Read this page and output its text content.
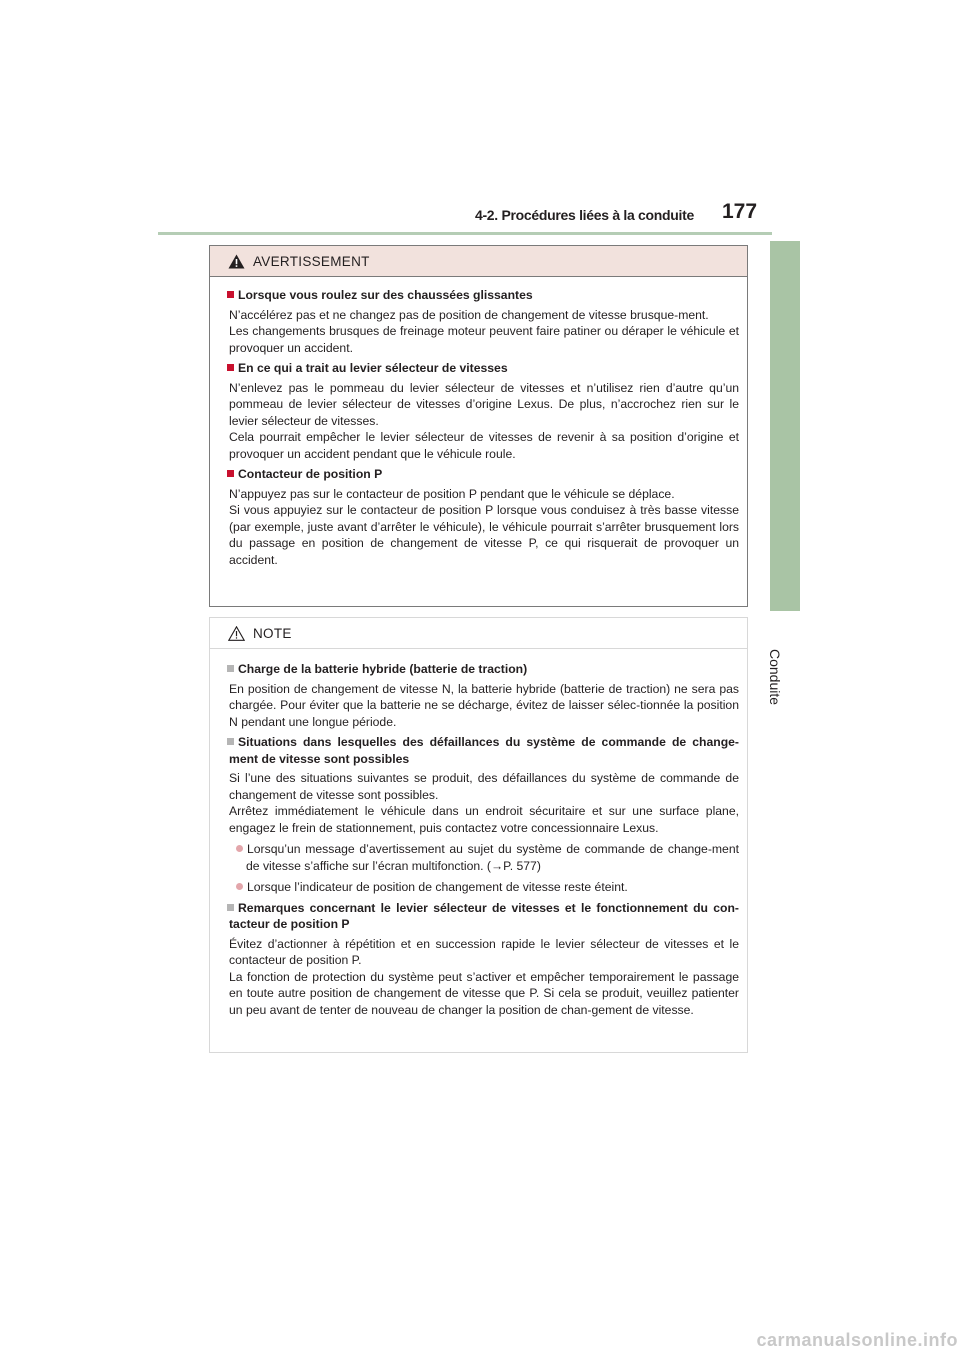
4-2. Procédures liées à la conduite 177
4
Conduite
AVERTISSEMENT
Lorsque vous roulez sur des chaussées glissantes
N’accélérez pas et ne changez pas de position de changement de vitesse brusque-ment.
Les changements brusques de freinage moteur peuvent faire patiner ou déraper le véhicule et provoquer un accident.
En ce qui a trait au levier sélecteur de vitesses
N’enlevez pas le pommeau du levier sélecteur de vitesses et n’utilisez rien d’autre qu’un pommeau de levier sélecteur de vitesses d’origine Lexus. De plus, n’accrochez rien sur le levier sélecteur de vitesses.
Cela pourrait empêcher le levier sélecteur de vitesses de revenir à sa position d’origine et provoquer un accident pendant que le véhicule roule.
Contacteur de position P
N’appuyez pas sur le contacteur de position P pendant que le véhicule se déplace.
Si vous appuyiez sur le contacteur de position P lorsque vous conduisez à très basse vitesse (par exemple, juste avant d’arrêter le véhicule), le véhicule pourrait s’arrêter brusquement lors du passage en position de changement de vitesse P, ce qui risquerait de provoquer un accident.
NOTE
Charge de la batterie hybride (batterie de traction)
En position de changement de vitesse N, la batterie hybride (batterie de traction) ne sera pas chargée. Pour éviter que la batterie ne se décharge, évitez de laisser sélec-tionnée la position N pendant une longue période.
Situations dans lesquelles des défaillances du système de commande de change-ment de vitesse sont possibles
Si l’une des situations suivantes se produit, des défaillances du système de commande de changement de vitesse sont possibles.
Arrêtez immédiatement le véhicule dans un endroit sécuritaire et sur une surface plane, engagez le frein de stationnement, puis contactez votre concessionnaire Lexus.
Lorsqu’un message d’avertissement au sujet du système de commande de change-ment de vitesse s’affiche sur l’écran multifonction. (→P. 577)
Lorsque l’indicateur de position de changement de vitesse reste éteint.
Remarques concernant le levier sélecteur de vitesses et le fonctionnement du con-tacteur de position P
Évitez d’actionner à répétition et en succession rapide le levier sélecteur de vitesses et le contacteur de position P.
La fonction de protection du système peut s’activer et empêcher temporairement le passage en toute autre position de changement de vitesse que P. Si cela se produit, veuillez patienter un peu avant de tenter de nouveau de changer la position de chan-gement de vitesse.
carmanualsonline.info
